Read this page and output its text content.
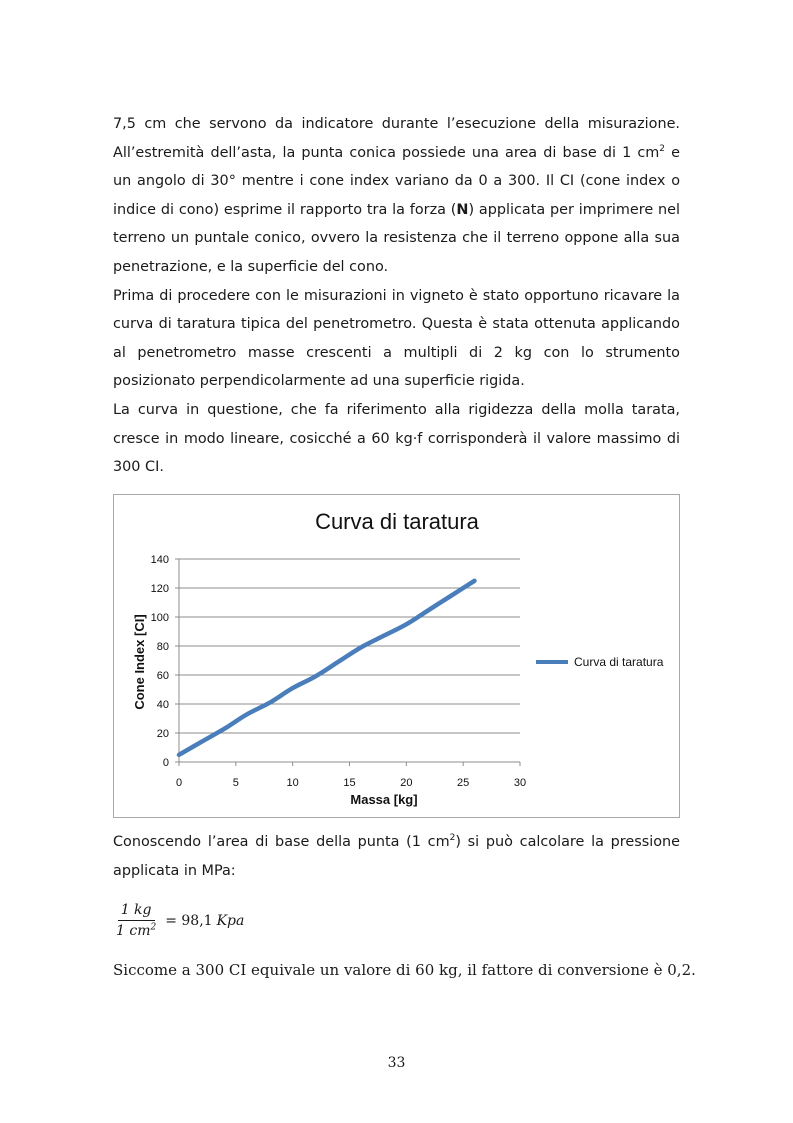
7,5 cm che servono da indicatore durante l’esecuzione della misurazione. All’estremità dell’asta, la punta conica possiede una area di base di 1 $cm^2$ e un angolo di 30° mentre i cone index variano da 0 a 300. Il CI (cone index o indice di cono) esprime il rapporto tra la forza (N) applicata per imprimere nel terreno un puntale conico, ovvero la resistenza che il terreno oppone alla sua penetrazione, e la superficie del cono.

Prima di procedere con le misurazioni in vigneto è stato opportuno ricavare la curva di taratura tipica del penetrometro. Questa è stata ottenuta applicando al penetrometro masse crescenti a multipli di 2 kg con lo strumento posizionato perpendicolarmente ad una superficie rigida.

La curva in questione, che fa riferimento alla rigidezza della molla tarata, cresce in modo lineare, cosicché a 60 kg·f corrisponderà il valore massimo di 300 CI.

Curva di taratura
0
20
40
60
80
100
120
140
0	5	10	15	20	25	30
Massa [kg]
Cone Index [CI]	Curva di taratura

Conoscendo l’area di base della punta (1 $cm^2$) si può calcolare la pressione applicata in MPa:

$\frac{1 kg}{1 cm^2} = 98,1$ Kpa

Siccome a 300 CI equivale un valore di 60 kg, il fattore di conversione è 0,2.

33
